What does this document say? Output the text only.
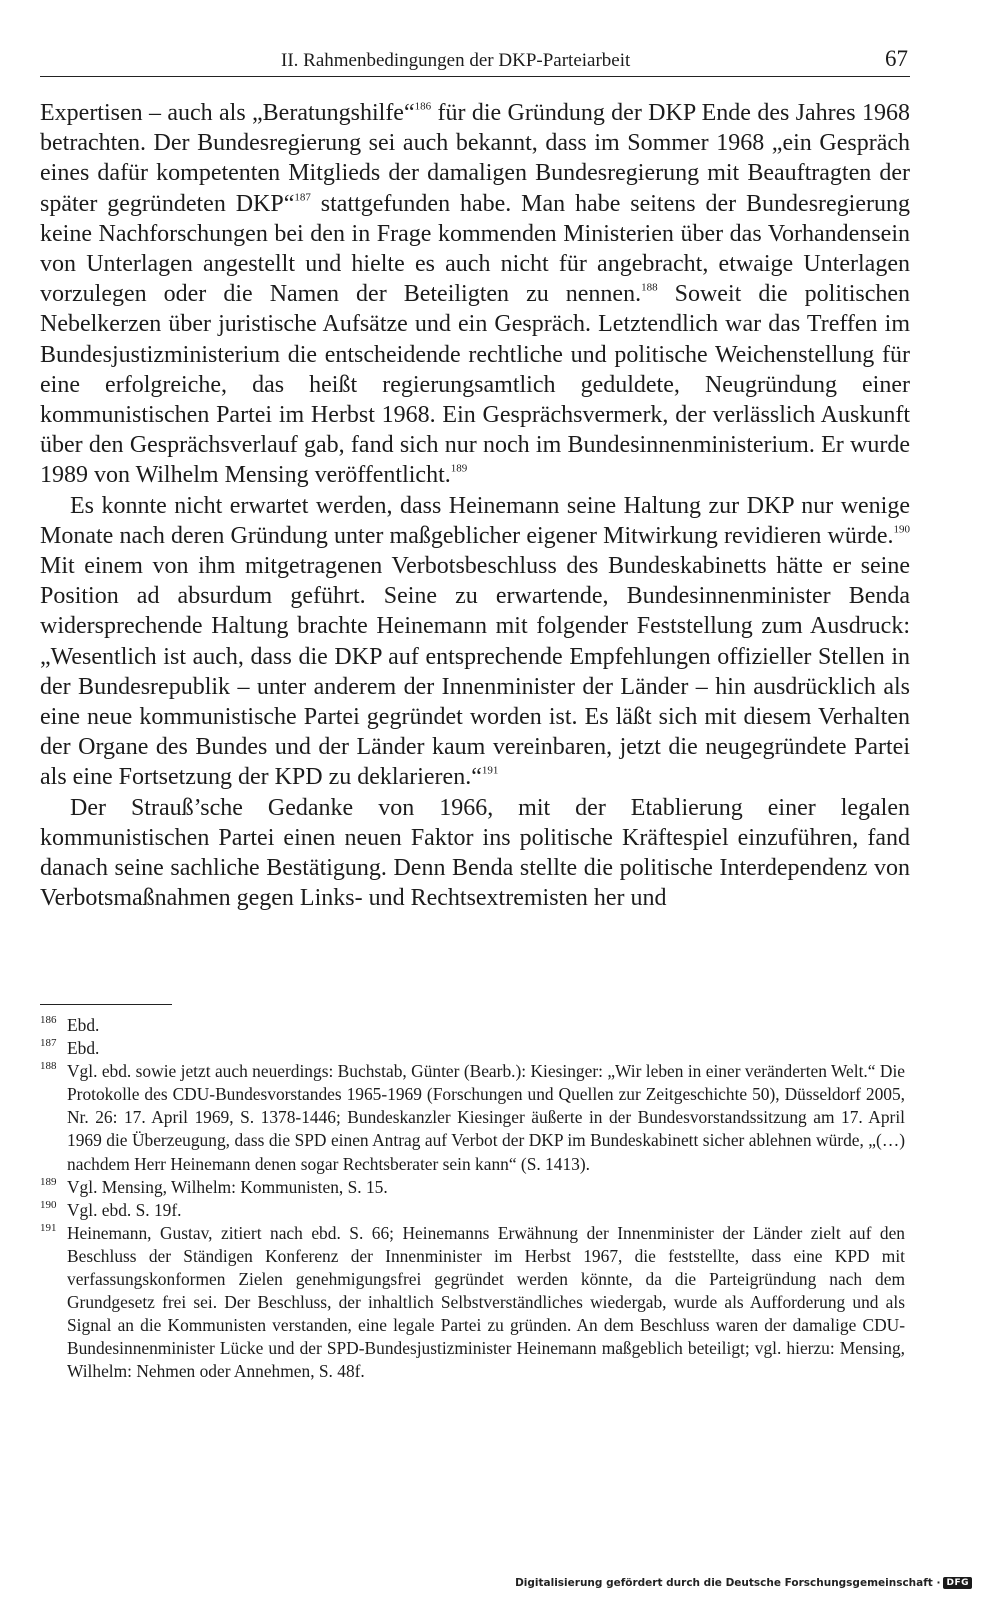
II. Rahmenbedingungen der DKP-Parteiarbeit	67

Expertisen – auch als „Beratungshilfe“$^{186}$ für die Gründung der DKP Ende des Jahres 1968 betrachten. Der Bundesregierung sei auch bekannt, dass im Sommer 1968 „ein Gespräch eines dafür kompetenten Mitglieds der damaligen Bundesregierung mit Beauftragten der später gegründeten DKP“$^{187}$ stattgefunden habe. Man habe seitens der Bundesregierung keine Nachforschungen bei den in Frage kommenden Ministerien über das Vorhandensein von Unterlagen angestellt und hielte es auch nicht für angebracht, etwaige Unterlagen vorzulegen oder die Namen der Beteiligten zu nennen.$^{188}$ Soweit die politischen Nebelkerzen über juristische Aufsätze und ein Gespräch. Letztendlich war das Treffen im Bundesjustizministerium die entscheidende rechtliche und politische Weichenstellung für eine erfolgreiche, das heißt regierungsamtlich geduldete, Neugründung einer kommunistischen Partei im Herbst 1968. Ein Gesprächsvermerk, der verlässlich Auskunft über den Gesprächsverlauf gab, fand sich nur noch im Bundesinnenministerium. Er wurde 1989 von Wilhelm Mensing veröffentlicht.$^{189}$

Es konnte nicht erwartet werden, dass Heinemann seine Haltung zur DKP nur wenige Monate nach deren Gründung unter maßgeblicher eigener Mitwirkung revidieren würde.$^{190}$ Mit einem von ihm mitgetragenen Verbotsbeschluss des Bundeskabinetts hätte er seine Position ad absurdum geführt. Seine zu erwartende, Bundesinnenminister Benda widersprechende Haltung brachte Heinemann mit folgender Feststellung zum Ausdruck: „Wesentlich ist auch, dass die DKP auf entsprechende Empfehlungen offizieller Stellen in der Bundesrepublik – unter anderem der Innenminister der Länder – hin ausdrücklich als eine neue kommunistische Partei gegründet worden ist. Es läßt sich mit diesem Verhalten der Organe des Bundes und der Länder kaum vereinbaren, jetzt die neugegründete Partei als eine Fortsetzung der KPD zu deklarieren.“$^{191}$

Der Strauß’sche Gedanke von 1966, mit der Etablierung einer legalen kommunistischen Partei einen neuen Faktor ins politische Kräftespiel einzuführen, fand danach seine sachliche Bestätigung. Denn Benda stellte die politische Interdependenz von Verbotsmaßnahmen gegen Links- und Rechtsextremisten her und

186 Ebd.

187 Ebd.

188 Vgl. ebd. sowie jetzt auch neuerdings: Buchstab, Günter (Bearb.): Kiesinger: „Wir leben in einer veränderten Welt.“ Die Protokolle des CDU-Bundesvorstandes 1965-1969 (Forschungen und Quellen zur Zeitgeschichte 50), Düsseldorf 2005, Nr. 26: 17. April 1969, S. 1378-1446; Bundeskanzler Kiesinger äußerte in der Bundesvorstandssitzung am 17. April 1969 die Überzeugung, dass die SPD einen Antrag auf Verbot der DKP im Bundeskabinett sicher ablehnen würde, „(…) nachdem Herr Heinemann denen sogar Rechtsberater sein kann“ (S. 1413).

189 Vgl. Mensing, Wilhelm: Kommunisten, S. 15.

190 Vgl. ebd. S. 19f.

191 Heinemann, Gustav, zitiert nach ebd. S. 66; Heinemanns Erwähnung der Innenminister der Länder zielt auf den Beschluss der Ständigen Konferenz der Innenminister im Herbst 1967, die feststellte, dass eine KPD mit verfassungskonformen Zielen genehmigungsfrei gegründet werden könnte, da die Parteigründung nach dem Grundgesetz frei sei. Der Beschluss, der inhaltlich Selbstverständliches wiedergab, wurde als Aufforderung und als Signal an die Kommunisten verstanden, eine legale Partei zu gründen. An dem Beschluss waren der damalige CDU-Bundesinnenminister Lücke und der SPD-Bundesjustizminister Heinemann maßgeblich beteiligt; vgl. hierzu: Mensing, Wilhelm: Nehmen oder Annehmen, S. 48f.

Digitalisierung gefördert durch die Deutsche Forschungsgemeinschaft · DFG
